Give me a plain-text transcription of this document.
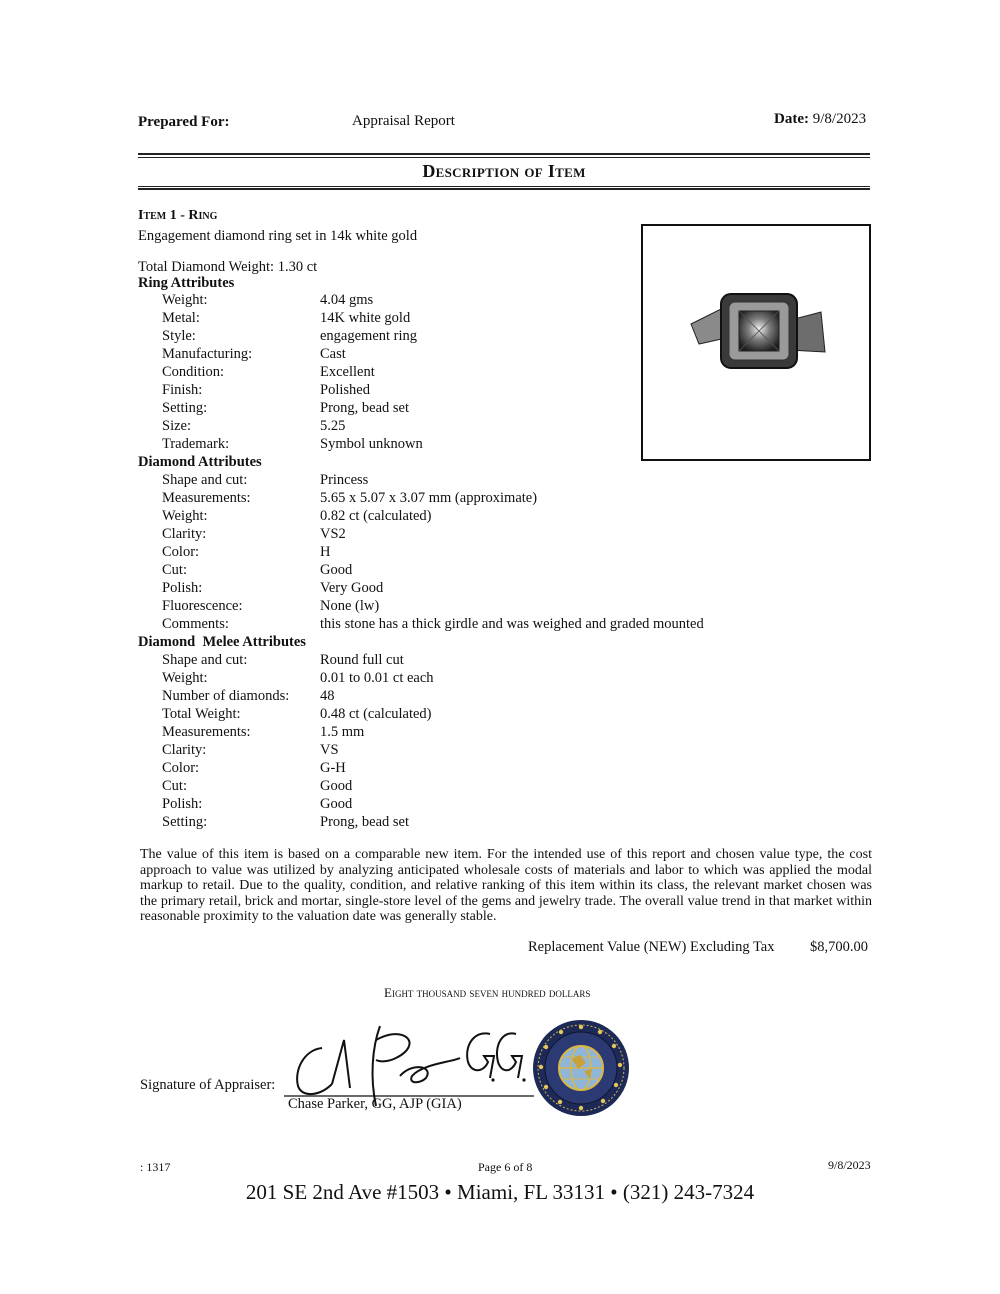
Prepared For:	Appraisal Report	Date: 9/8/2023
Description of Item
Item 1 - Ring
Engagement diamond ring set in 14k white gold
Total Diamond Weight: 1.30 ct
Ring Attributes
Weight:	4.04 gms
Metal:	14K white gold
Style:	engagement ring
Manufacturing:	Cast
Condition:	Excellent
Finish:	Polished
Setting:	Prong, bead set
Size:	5.25
Trademark:	Symbol unknown
Diamond Attributes
Shape and cut:	Princess
Measurements:	5.65 x 5.07 x 3.07 mm (approximate)
Weight:	0.82 ct (calculated)
Clarity:	VS2
Color:	H
Cut:	Good
Polish:	Very Good
Fluorescence:	None (lw)
Comments:	this stone has a thick girdle and was weighed and graded mounted
Diamond  Melee Attributes
Shape and cut:	Round full cut
Weight:	0.01 to 0.01 ct each
Number of diamonds: 48
Total Weight:	0.48 ct (calculated)
Measurements:	1.5 mm
Clarity:	VS
Color:	G-H
Cut:	Good
Polish:	Good
Setting:	Prong, bead set
The value of this item is based on a comparable new item. For the intended use of this report and chosen value type, the cost approach to value was utilized by analyzing anticipated wholesale costs of materials and labor to which was applied the modal markup to retail. Due to the quality, condition, and relative ranking of this item within its class, the relevant market chosen was the primary retail, brick and mortar, single-store level of the gems and jewelry trade. The overall value trend in that market within reasonable proximity to the valuation date was generally stable.
Replacement Value (NEW) Excluding Tax $8,700.00
Eight thousand seven hundred dollars
Signature of Appraiser:
Chase Parker, GG, AJP (GIA)
: 1317	Page 6 of 8	9/8/2023
201 SE 2nd Ave #1503 • Miami, FL 33131 • (321) 243-7324
